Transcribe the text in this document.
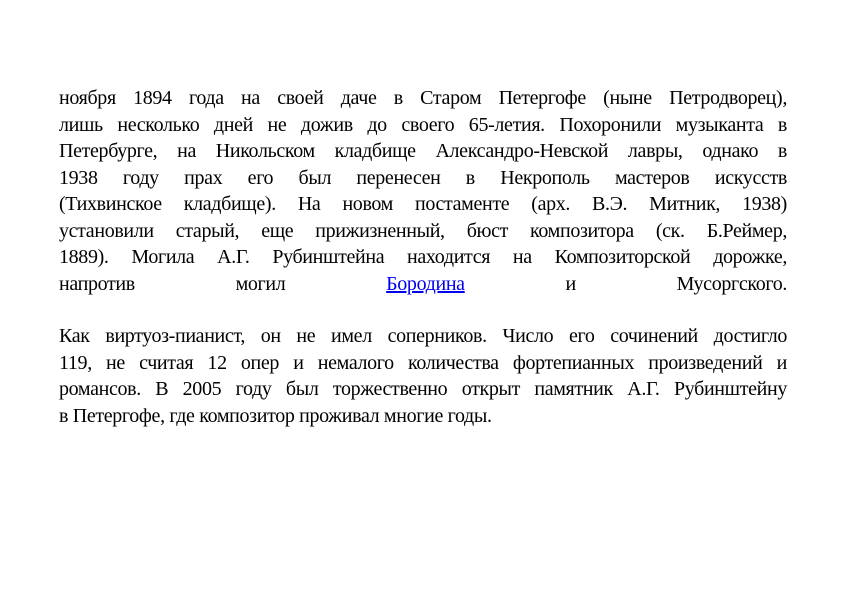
ноября 1894 года на своей даче в Старом Петергофе (ныне Петродворец),
лишь несколько дней не дожив до своего 65-летия. Похоронили музыканта в
Петербурге, на Никольском кладбище Александро-Невской лавры, однако в
1938 году прах его был перенесен в Некрополь мастеров искусств
(Тихвинское кладбище). На новом постаменте (арх. В.Э. Митник, 1938)
установили старый, еще прижизненный, бюст композитора (ск. Б.Реймер,
1889). Могила А.Г. Рубинштейна находится на Композиторской дорожке,
напротив	могил	Бородина	и	Мусоргского.
Как виртуоз-пианист, он не имел соперников. Число его сочинений достигло
119, не считая 12 опер и немалого количества фортепианных произведений и
романсов. В 2005 году был торжественно открыт памятник А.Г. Рубинштейну
в Петергофе, где композитор проживал многие годы.
